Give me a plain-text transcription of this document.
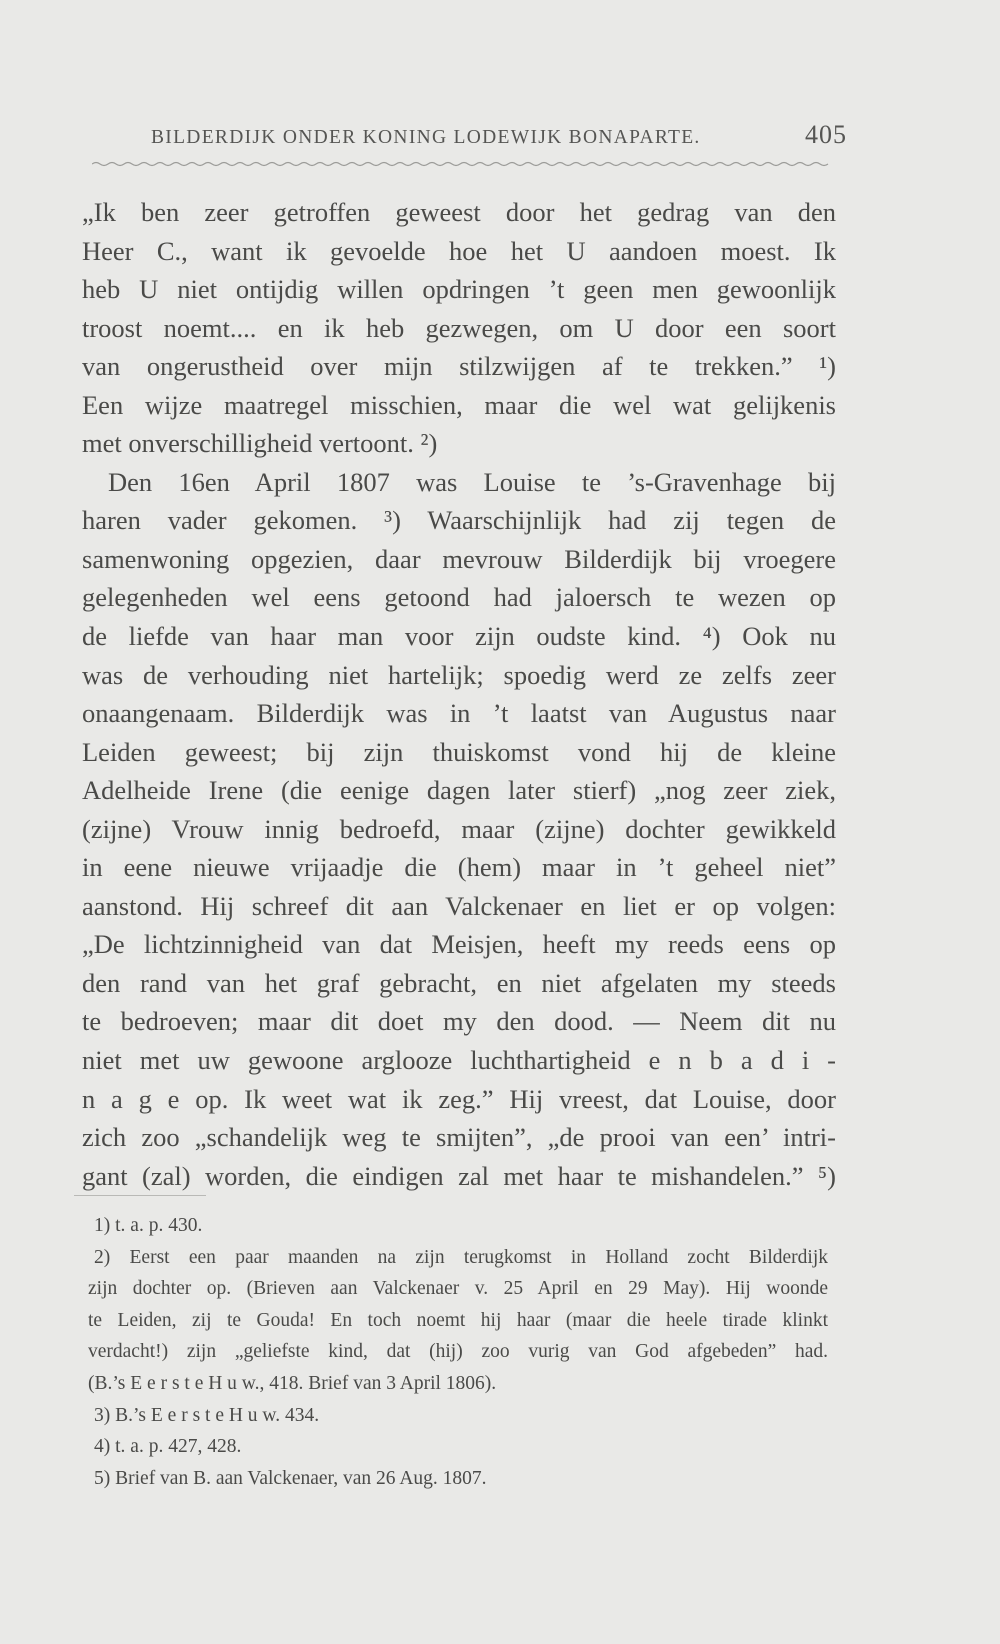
BILDERDIJK ONDER KONING LODEWIJK BONAPARTE.	405
„Ik ben zeer getroffen geweest door het gedrag van den
Heer C., want ik gevoelde hoe het U aandoen moest. Ik
heb U niet ontijdig willen opdringen ’t geen men gewoonlijk
troost noemt.... en ik heb gezwegen, om U door een soort
van ongerustheid over mijn stilzwijgen af te trekken.” ¹)
Een wijze maatregel misschien, maar die wel wat gelijkenis
met onverschilligheid vertoont. ²)
Den 16en April 1807 was Louise te ’s-Gravenhage bij
haren vader gekomen. ³) Waarschijnlijk had zij tegen de
samenwoning opgezien, daar mevrouw Bilderdijk bij vroegere
gelegenheden wel eens getoond had jaloersch te wezen op
de liefde van haar man voor zijn oudste kind. ⁴) Ook nu
was de verhouding niet hartelijk; spoedig werd ze zelfs zeer
onaangenaam. Bilderdijk was in ’t laatst van Augustus naar
Leiden geweest; bij zijn thuiskomst vond hij de kleine
Adelheide Irene (die eenige dagen later stierf) „nog zeer ziek,
(zijne) Vrouw innig bedroefd, maar (zijne) dochter gewikkeld
in eene nieuwe vrijaadje die (hem) maar in ’t geheel niet”
aanstond. Hij schreef dit aan Valckenaer en liet er op volgen:
„De lichtzinnigheid van dat Meisjen, heeft my reeds eens op
den rand van het graf gebracht, en niet afgelaten my steeds
te bedroeven; maar dit doet my den dood. — Neem dit nu
niet met uw gewoone arglooze luchthartigheid e n b a d i -
n a g e op. Ik weet wat ik zeg.” Hij vreest, dat Louise, door
zich zoo „schandelijk weg te smijten”, „de prooi van een’ intri-
gant (zal) worden, die eindigen zal met haar te mishandelen.” ⁵)
1) t. a. p. 430.
2) Eerst een paar maanden na zijn terugkomst in Holland zocht Bilderdijk
zijn dochter op. (Brieven aan Valckenaer v. 25 April en 29 May). Hij woonde
te Leiden, zij te Gouda! En toch noemt hij haar (maar die heele tirade klinkt
verdacht!) zijn „geliefste kind, dat (hij) zoo vurig van God afgebeden” had.
(B.’s E e r s t e H u w., 418. Brief van 3 April 1806).
3) B.’s E e r s t e H u w. 434.
4) t. a. p. 427, 428.
5) Brief van B. aan Valckenaer, van 26 Aug. 1807.
